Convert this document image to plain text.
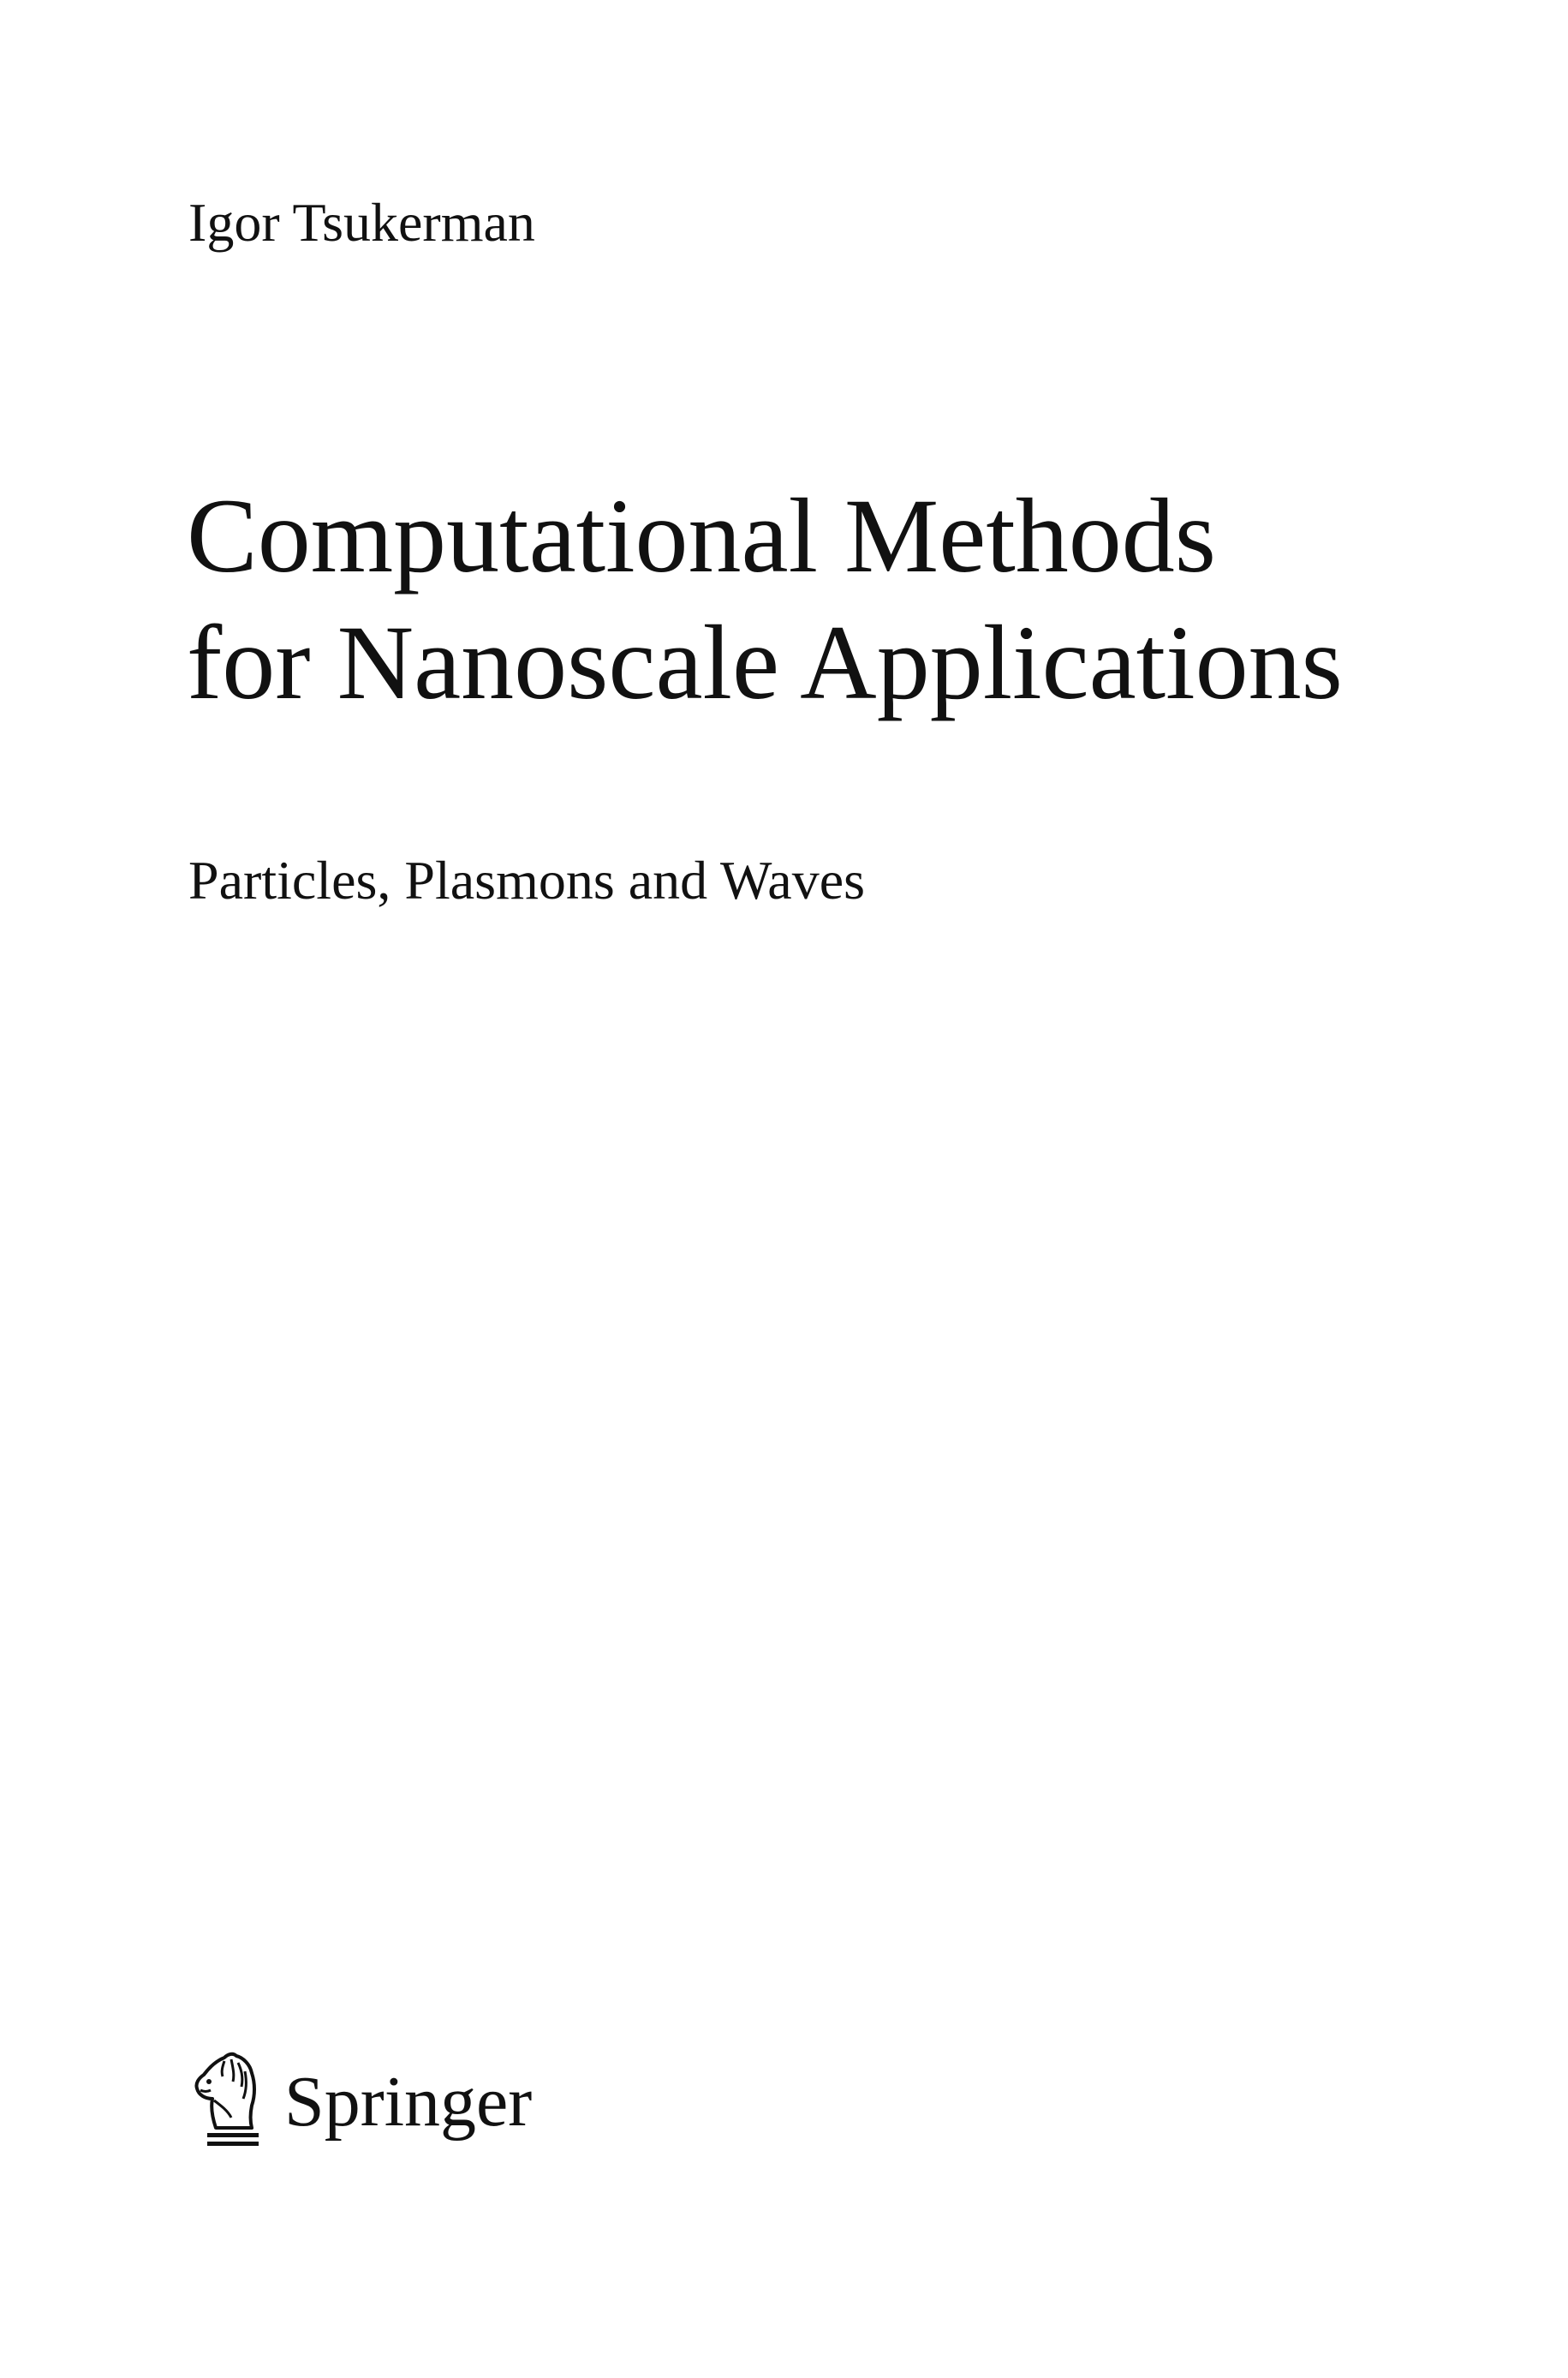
Igor Tsukerman
Computational Methods
for Nanoscale Applications
Particles, Plasmons and Waves
Springer
